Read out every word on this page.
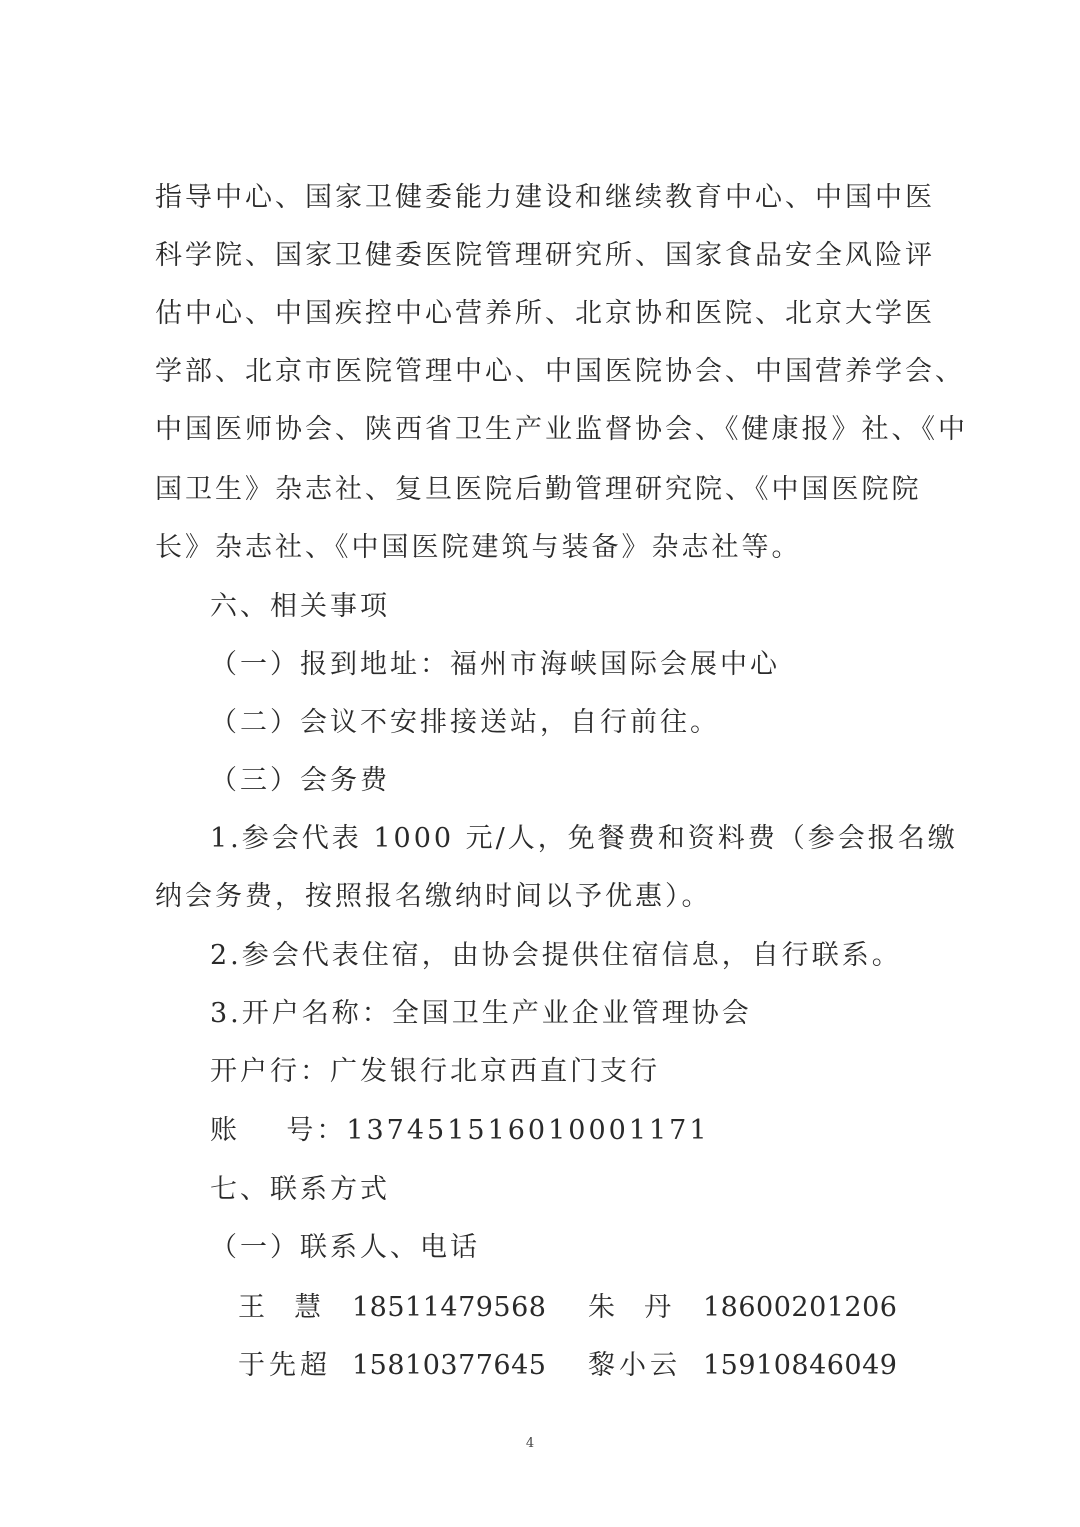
指导中心、国家卫健委能力建设和继续教育中心、中国中医
科学院、国家卫健委医院管理研究所、国家食品安全风险评
估中心、中国疾控中心营养所、北京协和医院、北京大学医
学部、北京市医院管理中心、中国医院协会、中国营养学会、
中国医师协会、陕西省卫生产业监督协会、《健康报》社、《中
国卫生》杂志社、复旦医院后勤管理研究院、《中国医院院
长》杂志社、《中国医院建筑与装备》杂志社等。
六、相关事项
（一）报到地址：福州市海峡国际会展中心
（二）会议不安排接送站，自行前往。
（三）会务费
1.参会代表 1000 元/人，免餐费和资料费（参会报名缴
纳会务费，按照报名缴纳时间以予优惠）。
2.参会代表住宿，由协会提供住宿信息，自行联系。
3.开户名称：全国卫生产业企业管理协会
开户行：广发银行北京西直门支行
账    号：137451516010001171
七、联系方式
（一）联系人、电话
王  慧 18511479568 朱  丹 18600201206
于先超 15810377645 黎小云 15910846049
4
